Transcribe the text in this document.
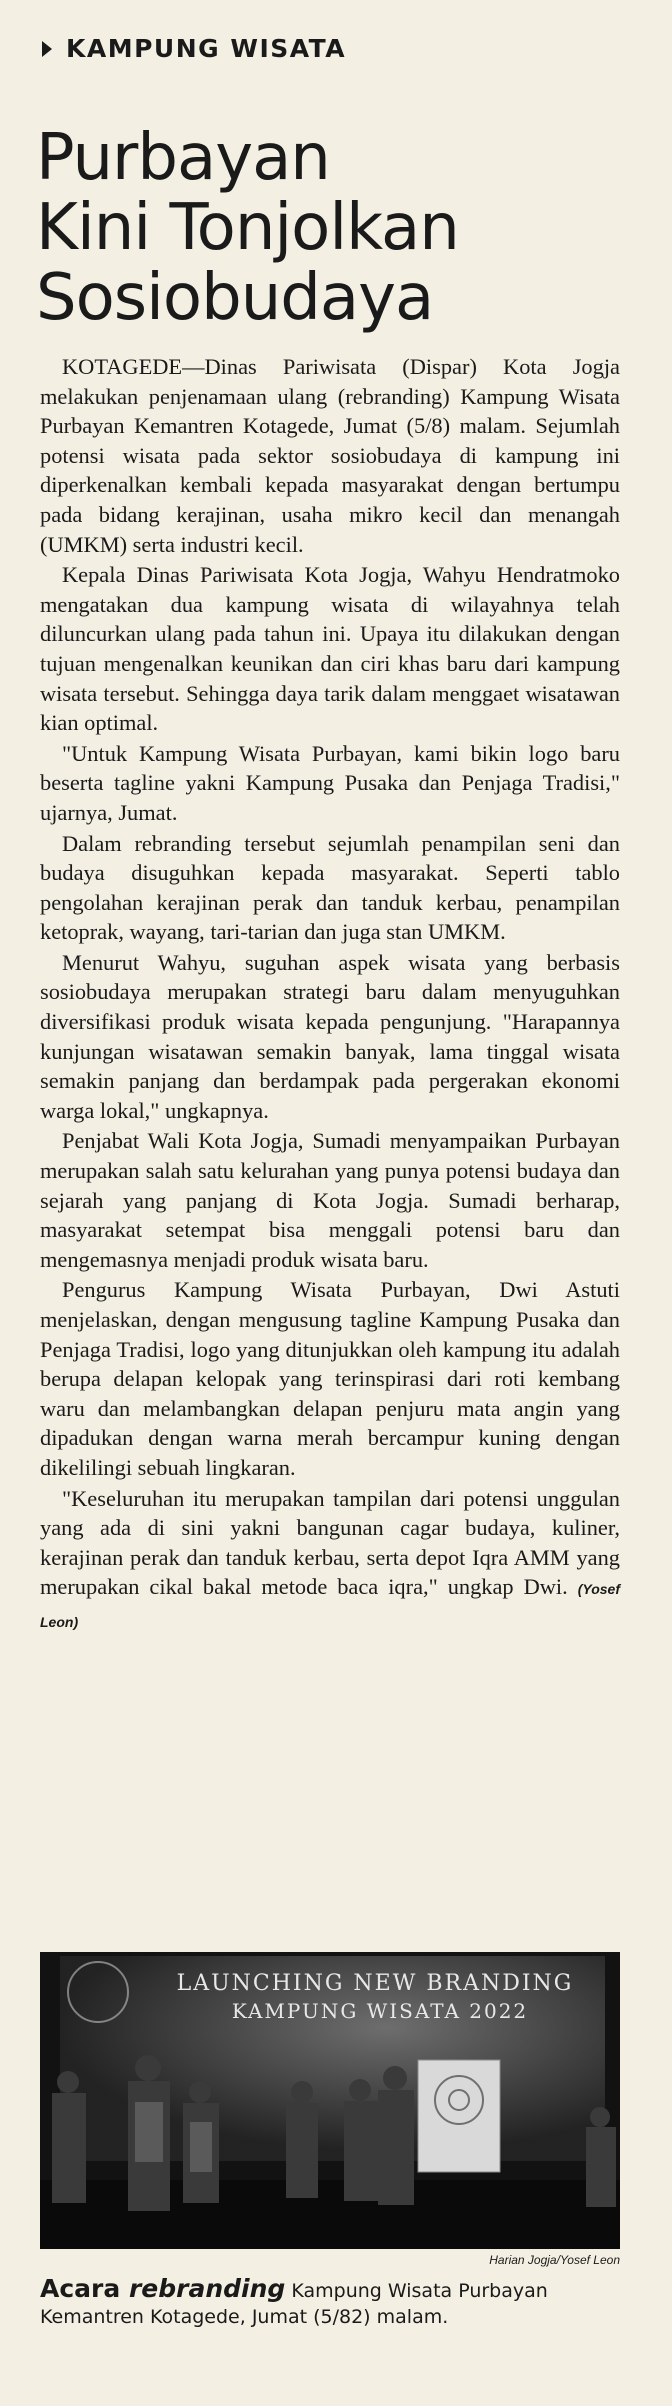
KAMPUNG WISATA
Purbayan
Kini Tonjolkan
Sosiobudaya

KOTAGEDE—Dinas Pariwisata (Dispar) Kota Jogja melakukan penjenamaan ulang (rebranding) Kampung Wisata Purbayan Kemantren Kotagede, Jumat (5/8) malam. Sejumlah potensi wisata pada sektor sosiobudaya di kampung ini diperkenalkan kembali kepada masyarakat dengan bertumpu pada bidang kerajinan, usaha mikro kecil dan menangah (UMKM) serta industri kecil.

Kepala Dinas Pariwisata Kota Jogja, Wahyu Hendratmoko mengatakan dua kampung wisata di wilayahnya telah diluncurkan ulang pada tahun ini. Upaya itu dilakukan dengan tujuan mengenalkan keunikan dan ciri khas baru dari kampung wisata tersebut. Sehingga daya tarik dalam menggaet wisatawan kian optimal.

"Untuk Kampung Wisata Purbayan, kami bikin logo baru beserta tagline yakni Kampung Pusaka dan Penjaga Tradisi," ujarnya, Jumat.

Dalam rebranding tersebut sejumlah penampilan seni dan budaya disuguhkan kepada masyarakat. Seperti tablo pengolahan kerajinan perak dan tanduk kerbau, penampilan ketoprak, wayang, tari-tarian dan juga stan UMKM.

Menurut Wahyu, suguhan aspek wisata yang berbasis sosiobudaya merupakan strategi baru dalam menyuguhkan diversifikasi produk wisata kepada pengunjung. "Harapannya kunjungan wisatawan semakin banyak, lama tinggal wisata semakin panjang dan berdampak pada pergerakan ekonomi warga lokal," ungkapnya.

Penjabat Wali Kota Jogja, Sumadi menyampaikan Purbayan merupakan salah satu kelurahan yang punya potensi budaya dan sejarah yang panjang di Kota Jogja. Sumadi berharap, masyarakat setempat bisa menggali potensi baru dan mengemasnya menjadi produk wisata baru.

Pengurus Kampung Wisata Purbayan, Dwi Astuti menjelaskan, dengan mengusung tagline Kampung Pusaka dan Penjaga Tradisi, logo yang ditunjukkan oleh kampung itu adalah berupa delapan kelopak yang terinspirasi dari roti kembang waru dan melambangkan delapan penjuru mata angin yang dipadukan dengan warna merah bercampur kuning dengan dikelilingi sebuah lingkaran.

"Keseluruhan itu merupakan tampilan dari potensi unggulan yang ada di sini yakni bangunan cagar budaya, kuliner, kerajinan perak dan tanduk kerbau, serta depot Iqra AMM yang merupakan cikal bakal metode baca iqra," ungkap Dwi. (Yosef Leon)

LAUNCHING NEW BRANDING
KAMPUNG WISATA 2022
Harian Jogja/Yosef Leon
Acara rebranding Kampung Wisata Purbayan Kemantren Kotagede, Jumat (5/82) malam.
